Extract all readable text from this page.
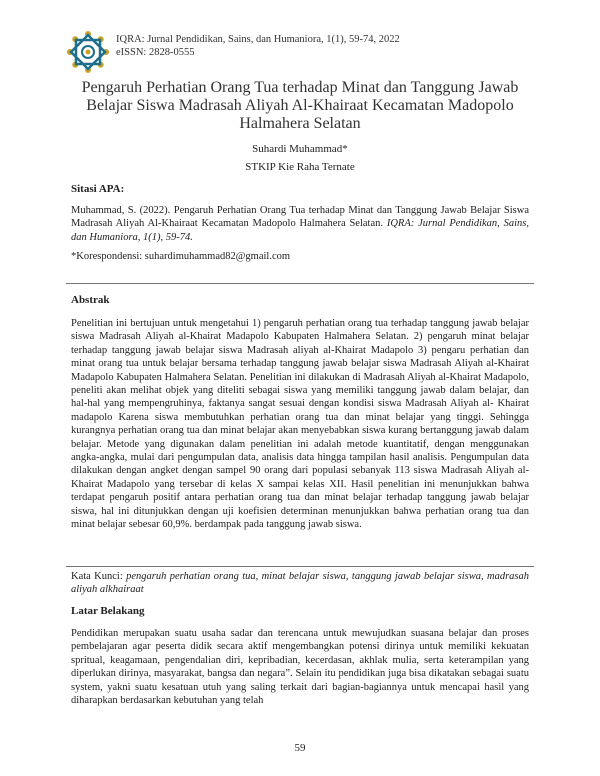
IQRA: Jurnal Pendidikan, Sains, dan Humaniora, 1(1), 59-74, 2022
eISSN: 2828-0555
Pengaruh Perhatian Orang Tua terhadap Minat dan Tanggung Jawab Belajar Siswa Madrasah Aliyah Al-Khairaat Kecamatan Madopolo Halmahera Selatan
Suhardi Muhammad*
STKIP Kie Raha Ternate
Sitasi APA:
Muhammad, S. (2022). Pengaruh Perhatian Orang Tua terhadap Minat dan Tanggung Jawab Belajar Siswa Madrasah Aliyah Al-Khairaat Kecamatan Madopolo Halmahera Selatan. IQRA: Jurnal Pendidikan, Sains, dan Humaniora, 1(1), 59-74.
*Korespondensi: suhardimuhammad82@gmail.com
Abstrak
Penelitian ini bertujuan untuk mengetahui 1) pengaruh perhatian orang tua terhadap tanggung jawab belajar siswa Madrasah Aliyah al-Khairat Madapolo Kabupaten Halmahera Selatan. 2) pengaruh minat belajar terhadap tanggung jawab belajar siswa Madrasah aliyah al-Khairat Madapolo 3) pengaru perhatian dan minat orang tua untuk belajar bersama terhadap tanggung jawab belajar siswa Madrasah Aliyah al-Khairat Madapolo Kabupaten Halmahera Selatan. Penelitian ini dilakukan di Madrasah Aliyah al-Khairat Madapolo, peneliti akan melihat objek yang diteliti sebagai siswa yang memiliki tanggung jawab dalam belajar, dan hal-hal yang mempengruhinya, faktanya sangat sesuai dengan kondisi siswa Madrasah Aliyah al- Khairat madapolo Karena siswa membutuhkan perhatian orang tua dan minat belajar yang tinggi. Sehingga kurangnya perhatian orang tua dan minat belajar akan menyebabkan siswa kurang bertanggung jawab dalam belajar. Metode yang digunakan dalam penelitian ini adalah metode kuantitatif, dengan menggunakan angka-angka, mulai dari pengumpulan data, analisis data hingga tampilan hasil analisis. Pengumpulan data dilakukan dengan angket dengan sampel 90 orang dari populasi sebanyak 113 siswa Madrasah Aliyah al-Khairat Madapolo yang tersebar di kelas X sampai kelas XII. Hasil penelitian ini menunjukkan bahwa terdapat pengaruh positif antara perhatian orang tua dan minat belajar terhadap tanggung jawab belajar siswa, hal ini ditunjukkan dengan uji koefisien determinan menunjukkan bahwa perhatian orang tua dan minat belajar sebesar 60,9%. berdampak pada tanggung jawab siswa.
Kata Kunci: pengaruh perhatian orang tua, minat belajar siswa, tanggung jawab belajar siswa, madrasah aliyah alkhairaat
Latar Belakang
Pendidikan merupakan suatu usaha sadar dan terencana untuk mewujudkan suasana belajar dan proses pembelajaran agar peserta didik secara aktif mengembangkan potensi dirinya untuk memiliki kekuatan spritual, keagamaan, pengendalian diri, kepribadian, kecerdasan, akhlak mulia, serta keterampilan yang diperlukan dirinya, masyarakat, bangsa dan negara”. Selain itu pendidikan juga bisa dikatakan sebagai suatu system, yakni suatu kesatuan utuh yang saling terkait dari bagian-bagiannya untuk mencapai hasil yang diharapkan berdasarkan kebutuhan yang telah
59
